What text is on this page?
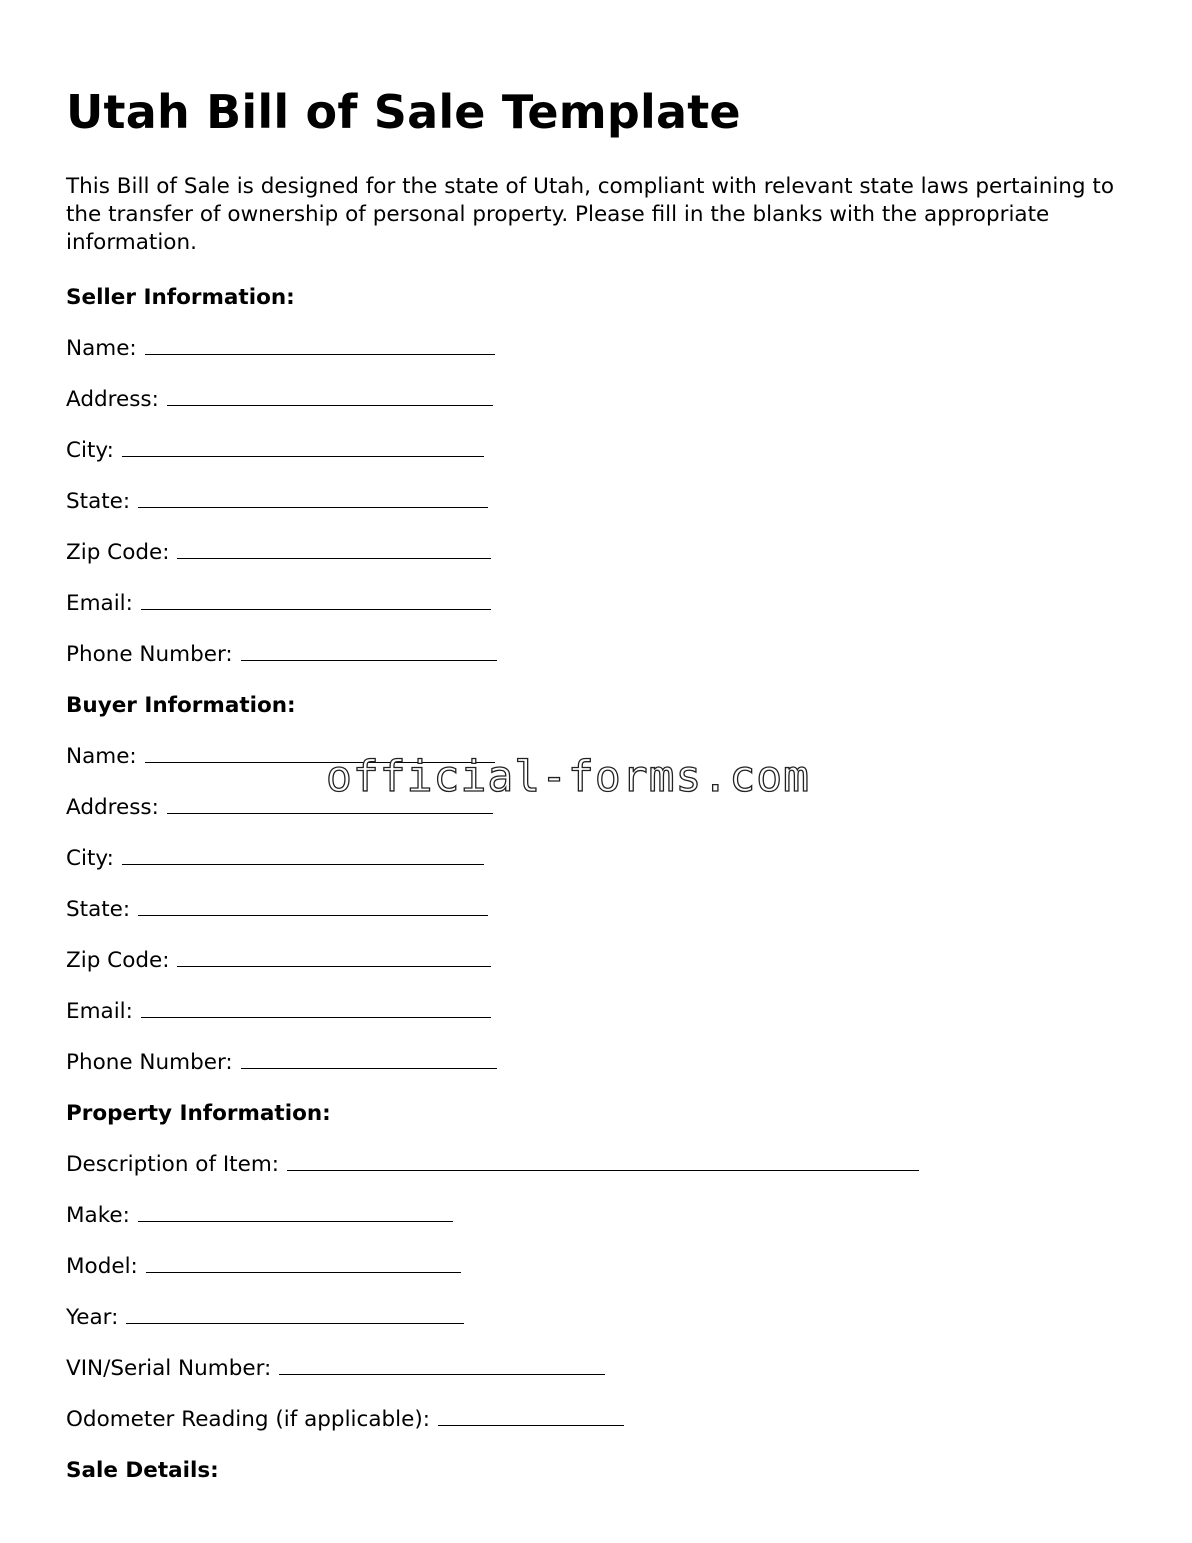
Utah Bill of Sale Template

This Bill of Sale is designed for the state of Utah, compliant with relevant state laws pertaining to the transfer of ownership of personal property. Please fill in the blanks with the appropriate information.

Seller Information:
Name:
Address:
City:
State:
Zip Code:
Email:
Phone Number:
Buyer Information:
Name:
Address:
City:
State:
Zip Code:
Email:
Phone Number:
Property Information:
Description of Item:
Make:
Model:
Year:
VIN/Serial Number:
Odometer Reading (if applicable):
Sale Details:
official-forms.com
